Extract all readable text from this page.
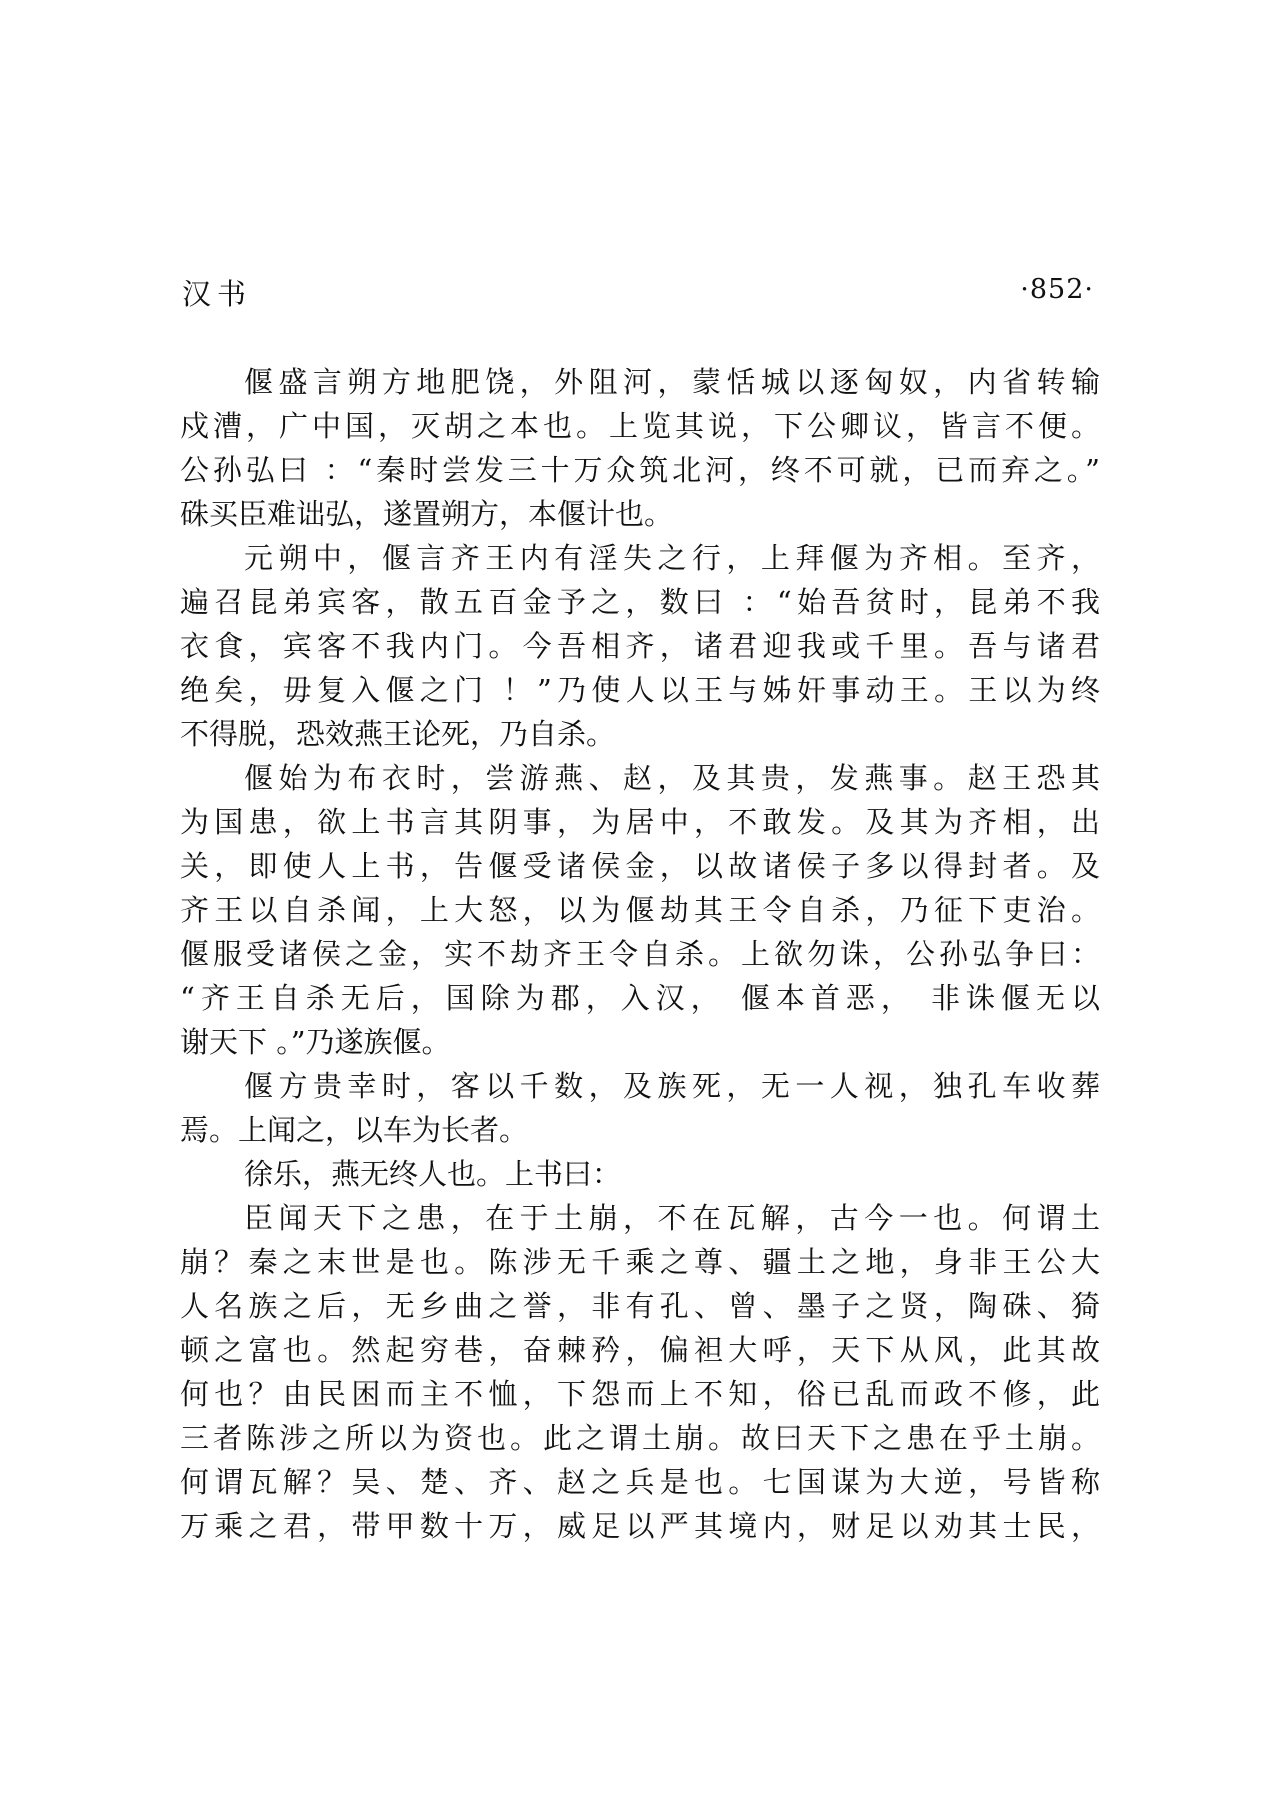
汉书	·852·
偃盛言朔方地肥饶，外阻河，蒙恬城以逐匈奴，内省转输
戍漕，广中国，灭胡之本也。上览其说，下公卿议，皆言不便。
公孙弘曰 ：“秦时尝发三十万众筑北河，终不可就，已而弃之。”
硃买臣难诎弘，遂置朔方，本偃计也。
元朔中，偃言齐王内有淫失之行，上拜偃为齐相。至齐，
遍召昆弟宾客，散五百金予之，数曰 ：“始吾贫时，昆弟不我
衣食，宾客不我内门。今吾相齐，诸君迎我或千里。吾与诸君
绝矣，毋复入偃之门 ！”乃使人以王与姊奸事动王。王以为终
不得脱，恐效燕王论死，乃自杀。
偃始为布衣时，尝游燕、赵，及其贵，发燕事。赵王恐其
为国患，欲上书言其阴事，为居中，不敢发。及其为齐相，出
关，即使人上书，告偃受诸侯金，以故诸侯子多以得封者。及
齐王以自杀闻，上大怒，以为偃劫其王令自杀，乃征下吏治。
偃服受诸侯之金，实不劫齐王令自杀。上欲勿诛，公孙弘争曰：
“齐王自杀无后，国除为郡，入汉， 偃本首恶， 非诛偃无以
谢天下 。”乃遂族偃。
偃方贵幸时，客以千数，及族死，无一人视，独孔车收葬
焉。上闻之，以车为长者。
徐乐，燕无终人也。上书曰：
臣闻天下之患，在于土崩，不在瓦解，古今一也。何谓土
崩？秦之末世是也。陈涉无千乘之尊、疆土之地，身非王公大
人名族之后，无乡曲之誉，非有孔、曾、墨子之贤，陶硃、猗
顿之富也。然起穷巷，奋棘矜，偏袒大呼，天下从风，此其故
何也？由民困而主不恤，下怨而上不知，俗已乱而政不修，此
三者陈涉之所以为资也。此之谓土崩。故曰天下之患在乎土崩。
何谓瓦解？吴、楚、齐、赵之兵是也。七国谋为大逆，号皆称
万乘之君，带甲数十万，威足以严其境内，财足以劝其士民，
